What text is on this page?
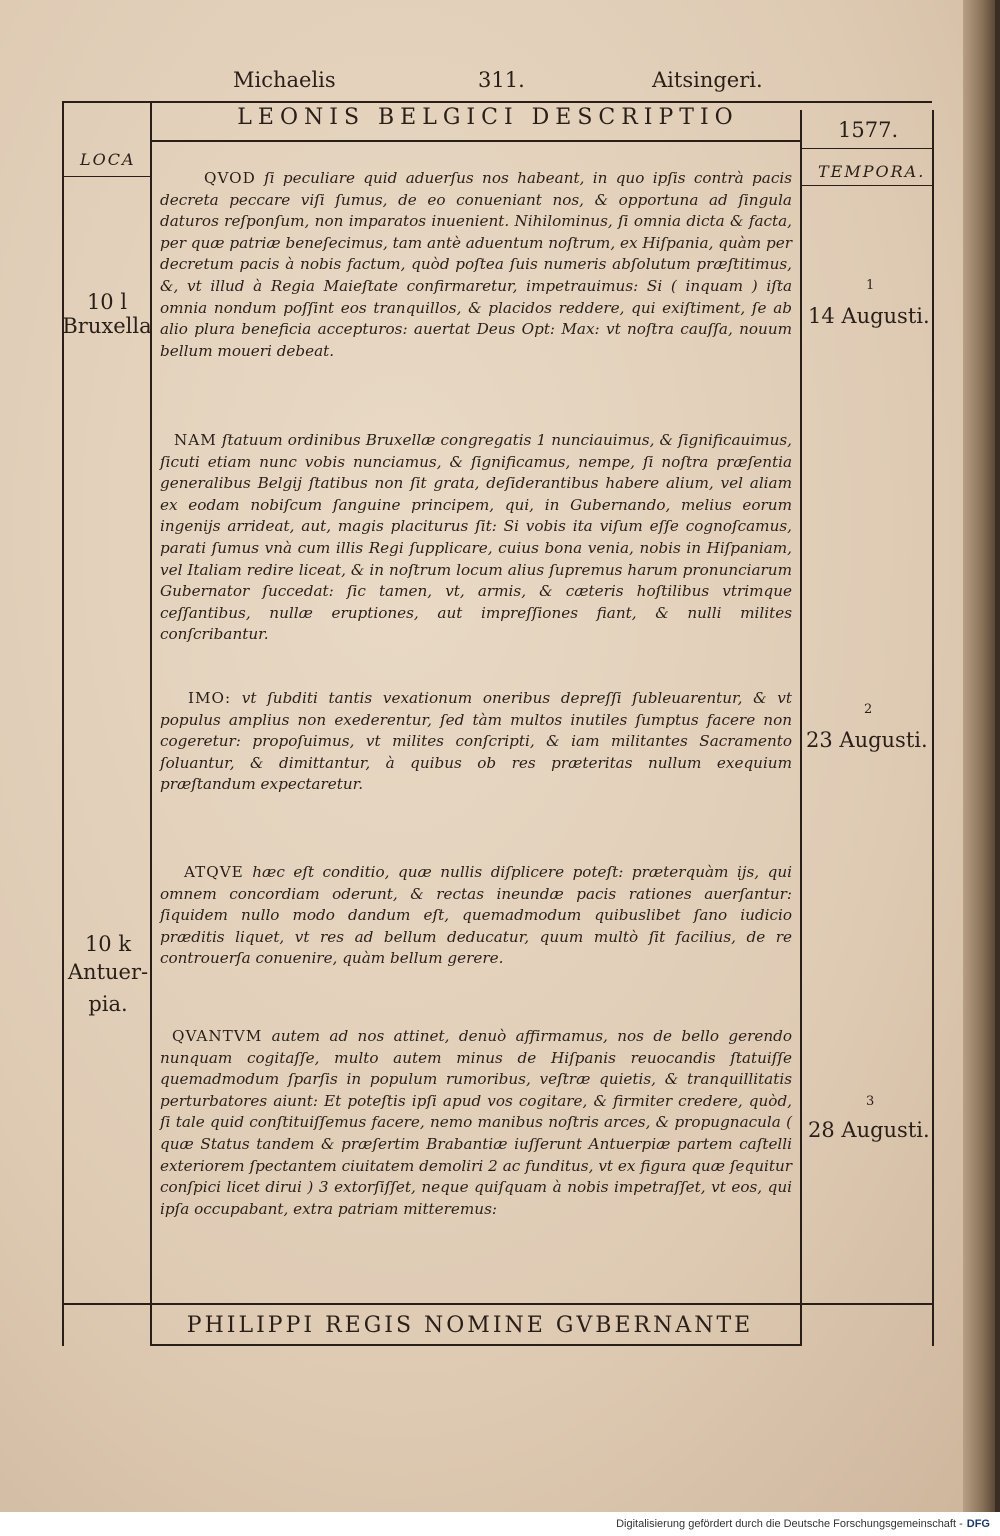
Michaelis	311.	Aitsingeri.
LEONIS BELGICI DESCRIPTIO	1577.
LOCA
TEMPORA.
10 l
Bruxella
10 k
Antuer-pia.
1
14 Augusti.
2
23 Augusti.
3
28 Augusti.

QVOD ſi peculiare quid aduerſus nos habeant, in quo ipſis contrà pacis decreta peccare viſi ſumus, de eo conueniant nos, & opportuna ad ſingula daturos reſponſum, non imparatos inuenient. Nihilominus, ſi omnia dicta & facta, per quæ patriæ beneſecimus, tam antè aduentum noſtrum, ex Hiſpania, quàm per decretum pacis à nobis factum, quòd poſtea ſuis numeris abſolutum præſtitimus, &, vt illud à Regia Maieſtate confirmaretur, impetrauimus: Si ( inquam ) iſta omnia nondum poſſint eos tranquillos, & placidos reddere, qui exiſtiment, ſe ab alio plura beneficia accepturos: auertat Deus Opt: Max: vt noſtra cauſſa, nouum bellum moueri debeat.

NAM ſtatuum ordinibus Bruxellæ congregatis 1 nunciauimus, & ſignificauimus, ſicuti etiam nunc vobis nunciamus, & ſignificamus, nempe, ſi noſtra præſentia generalibus Belgij ſtatibus non ſit grata, deſiderantibus habere alium, vel aliam ex eodam nobiſcum ſanguine principem, qui, in Gubernando, melius eorum ingenijs arrideat, aut, magis placiturus ſit: Si vobis ita viſum eſſe cognoſcamus, parati ſumus vnà cum illis Regi ſupplicare, cuius bona venia, nobis in Hiſpaniam, vel Italiam redire liceat, & in noſtrum locum alius ſupremus harum pronunciarum Gubernator ſuccedat: ſic tamen, vt, armis, & cæteris hoſtilibus vtrimque ceſſantibus, nullæ eruptiones, aut impreſſiones fiant, & nulli milites conſcribantur.

IMO: vt ſubditi tantis vexationum oneribus depreſſi ſubleuarentur, & vt populus amplius non exederentur, ſed tàm multos inutiles ſumptus facere non cogeretur: propoſuimus, vt milites conſcripti, & iam militantes Sacramento ſoluantur, & dimittantur, à quibus ob res præteritas nullum exequium præſtandum expectaretur.

ATQVE hæc eſt conditio, quæ nullis diſplicere poteſt: præterquàm ijs, qui omnem concordiam oderunt, & rectas ineundæ pacis rationes auerſantur: ſiquidem nullo modo dandum eſt, quemadmodum quibuslibet ſano iudicio præditis liquet, vt res ad bellum deducatur, quum multò ſit facilius, de re controuerſa conuenire, quàm bellum gerere.

QVANTVM autem ad nos attinet, denuò affirmamus, nos de bello gerendo nunquam cogitaſſe, multo autem minus de Hiſpanis reuocandis ſtatuiſſe quemadmodum ſparſis in populum rumoribus, veſtræ quietis, & tranquillitatis perturbatores aiunt: Et poteſtis ipſi apud vos cogitare, & firmiter credere, quòd, ſi tale quid conſtituiſſemus facere, nemo manibus noſtris arces, & propugnacula ( quæ Status tandem & præſertim Brabantiæ iuſſerunt Antuerpiæ partem caſtelli exteriorem ſpectantem ciuitatem demoliri 2 ac funditus, vt ex figura quæ ſequitur conſpici licet dirui ) 3 extorſiſſet, neque quiſquam à nobis impetraſſet, vt eos, qui ipſa occupabant, extra patriam mitteremus:

PHILIPPI REGIS NOMINE GVBERNANTE
Digitalisierung gefördert durch die Deutsche Forschungsgemeinschaft - DFG
